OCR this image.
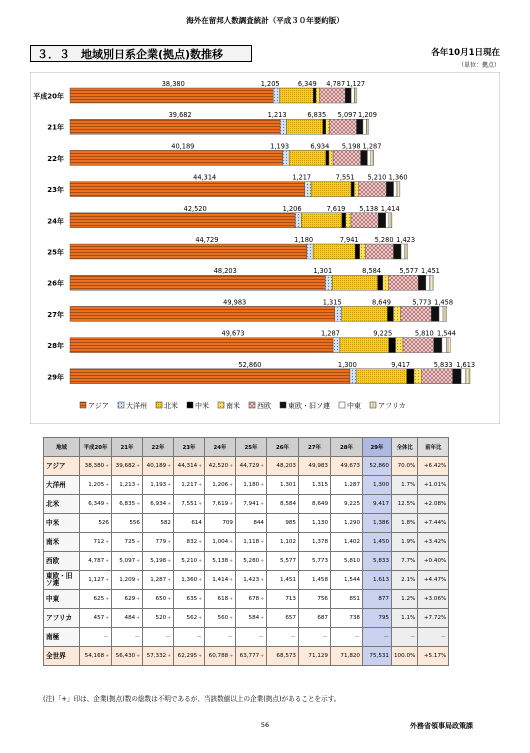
海外在留邦人数調査統計（平成３０年要約版）
３．３　地域別日系企業(拠点)数推移	各年10月1日現在
（単位：拠点）
平成20年
38,380	1,205	6,349 4,787 1,127
21年
39,682	1,213	6,835 5,097 1,209
22年
40,189	1,193	6,934 5,198 1,287
23年
44,314	1,217	7,551 5,210 1,360
24年
42,520	1,206	7,619 5,138 1,414
25年
44,729	1,180	7,941 5,280 1,423
26年
48,203	1,301	8,584	5,577 1,451
27年
49,983	1,315	8,649	5,773 1,458
28年
49,673	1,287	9,225	5,810 1,544
29年
52,860	1,300	9,417	5,833 1,613
アジア 大洋州 北米 中米 南米 西欧 東欧・旧ソ連 中東 アフリカ
地域	平成20年	21年	22年	23年	24年	25年	26年	27年	28年	29年	全体比	前年比
アジア	38,380+	39,682+	40,189+	44,314+	42,520+	44,729+	48,203	49,983	49,673	52,860	70.0%	+6.42%
大洋州	1,205+	1,213+	1,193+	1,217+	1,206+	1,180+	1,301	1,315	1,287	1,300	1.7%	+1.01%
北米	6,349+	6,835+	6,934+	7,551+	7,619+	7,941+	8,584	8,649	9,225	9,417	12.5%	+2.08%
中米	526	556	582	614	709	844	985	1,130	1,290	1,386	1.8%	+7.44%
南米	712+	725+	779+	832+	1,004+	1,118+	1,102	1,378	1,402	1,450	1.9%	+3.42%
西欧	4,787+	5,097+	5,198+	5,210+	5,138+	5,280+	5,577	5,773	5,810	5,833	7.7%	+0.40%
東欧・旧ソ連	1,127+	1,209+	1,287+	1,360+	1,414+	1,423+	1,451	1,458	1,544	1,613	2.1%	+4.47%
中東	625+	629+	650+	635+	618+	678+	713	756	851	877	1.2%	+3.06%
アフリカ	457+	484+	520+	562+	560+	584+	657	687	738	795	1.1%	+7.72%
南極	－	－	－	－	－	－	－	－	－	－	－	－
全世界	54,168+	56,430+	57,332+	62,295+	60,788+	63,777+	68,573	71,129	71,820	75,531	100.0%	+5.17%
(注)「+」印は、企業(拠点)数の総数は不明であるが、当該数値以上の企業(拠点)があることを示す。
56	外務省領事局政策課
